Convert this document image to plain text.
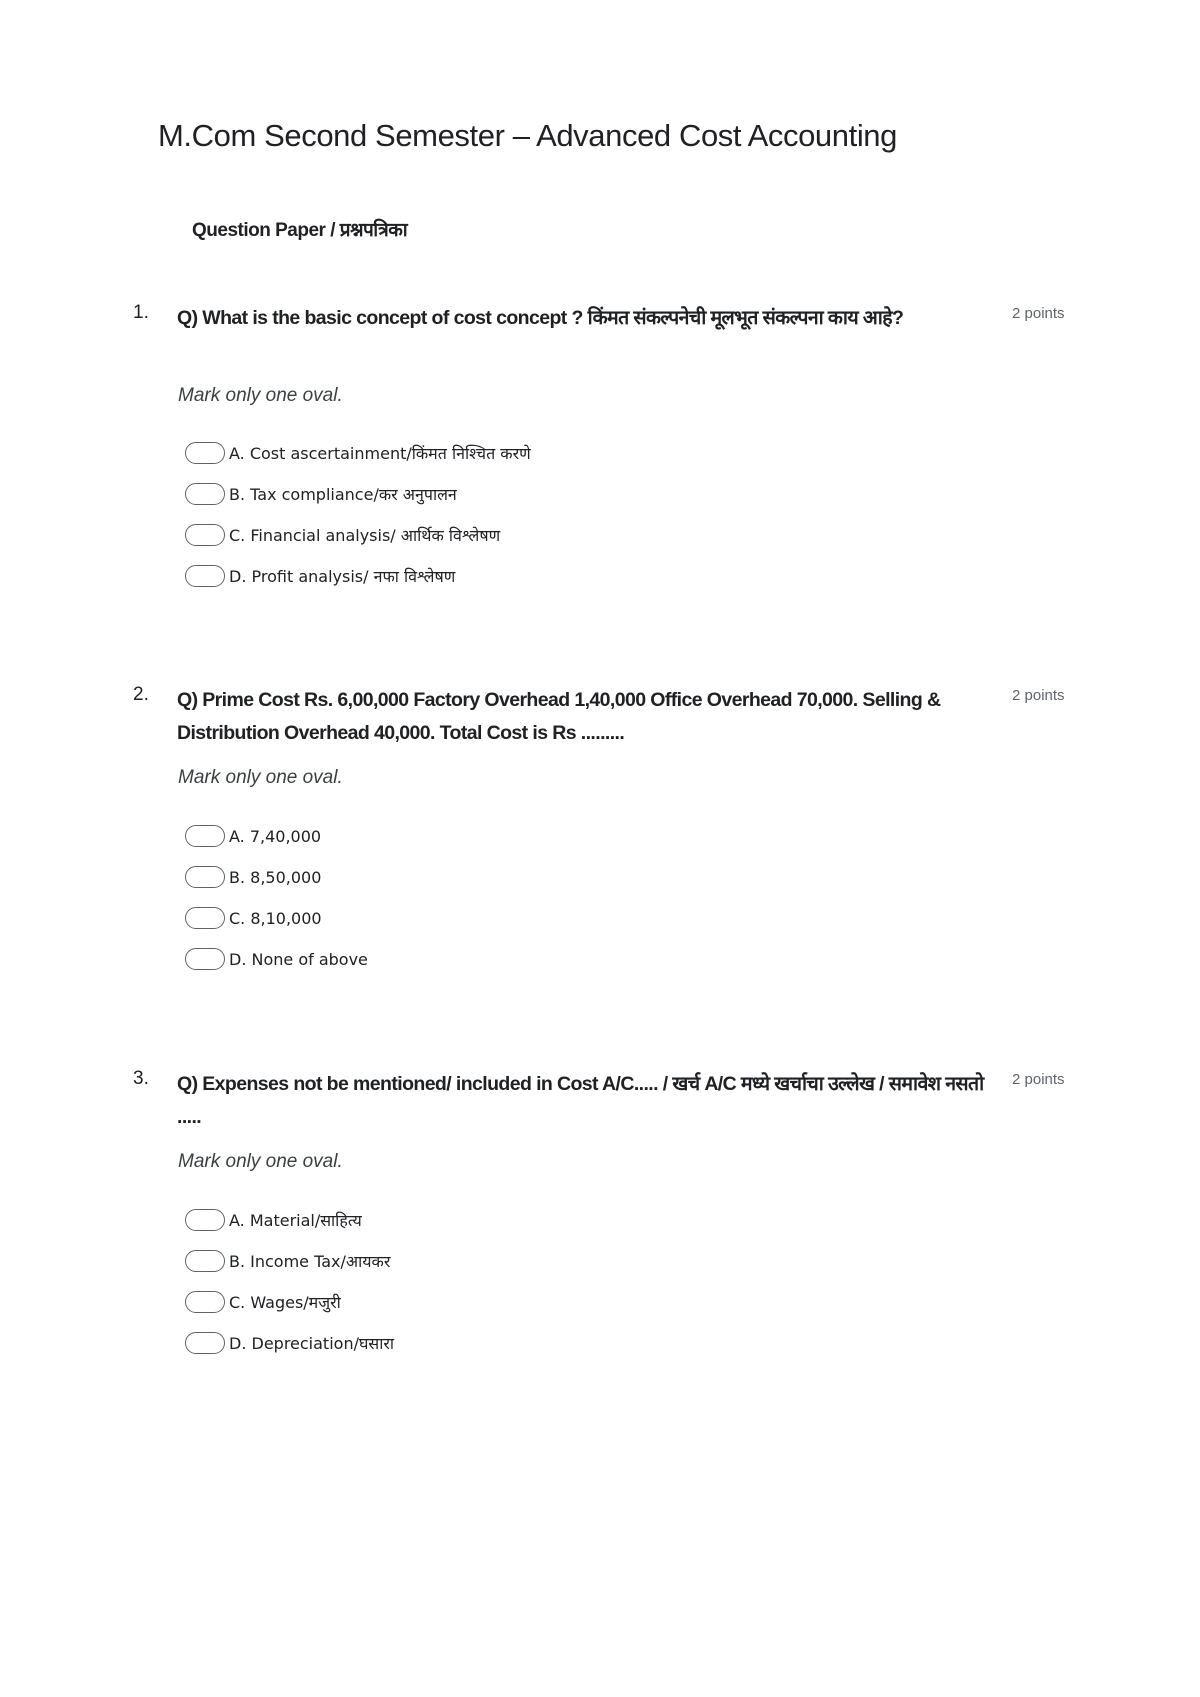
M.Com Second Semester – Advanced Cost Accounting
Question Paper / प्रश्नपत्रिका
1. Q) What is the basic concept of cost concept ? किंमत संकल्पनेची मूलभूत संकल्पना काय आहे?	2 points
Mark only one oval.
A. Cost ascertainment/किंमत निश्चित करणे
B. Tax compliance/कर अनुपालन
C. Financial analysis/ आर्थिक विश्लेषण
D. Profit analysis/ नफा विश्लेषण
2. Q) Prime Cost Rs. 6,00,000 Factory Overhead 1,40,000 Office Overhead 70,000. Selling & Distribution Overhead 40,000. Total Cost is Rs .........
2 points
Mark only one oval.
A. 7,40,000
B. 8,50,000
C. 8,10,000
D. None of above
3. Q) Expenses not be mentioned/ included in Cost A/C..... / खर्च A/C मध्ये खर्चाचा उल्लेख / समावेश नसतो .....
2 points
Mark only one oval.
A. Material/साहित्य
B. Income Tax/आयकर
C. Wages/मजुरी
D. Depreciation/घसारा
